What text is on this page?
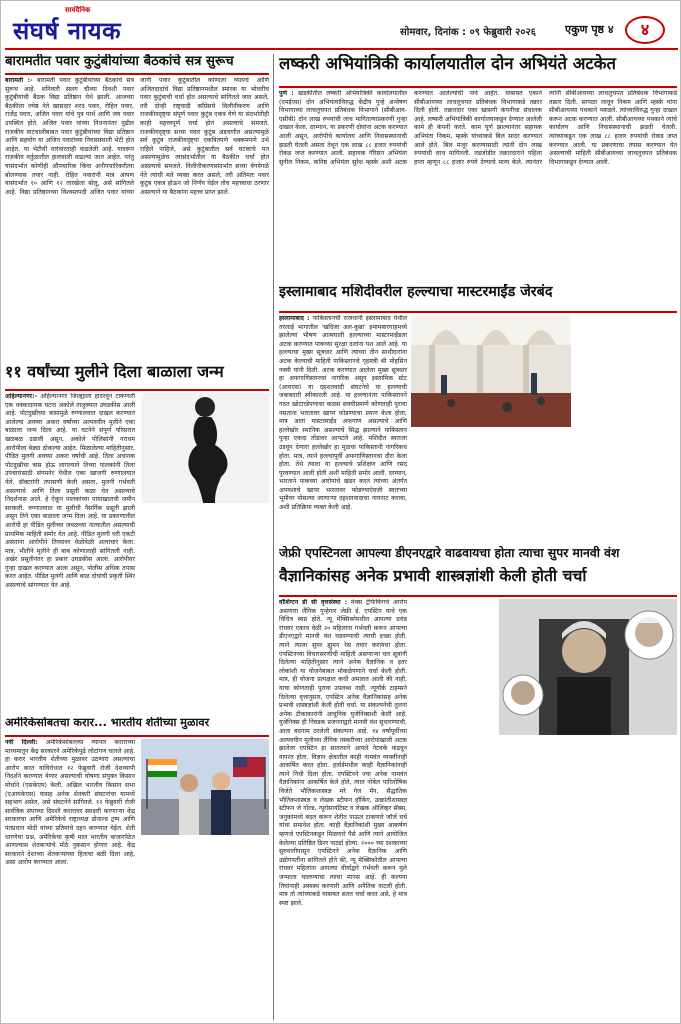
सायंदैनिक
संघर्ष नायक	सोमवार, दिनांक : ०९ फेब्रुवारी २०२६	एकुण पृष्ठ ४	४
बारामतीत पवार कुटुंबीयांच्या बैठकांचे सत्र सुरूच
बारामती :- बारामती पवार कुटुंबीयांच्या बैठकांचे सत्र सुरूच आहे. शनिवारी सलग चौथ्या दिवशी पवार कुटुंबीयांची बैठक विद्या प्रतिष्ठान येथे झाली. आजच्या बैठकीला ज्येष्ठ नेते खासदार शरद पवार, रोहित पवार, राजेंद्र पवार, अजित पवार यांचे पुत्र पार्थ आणि जय पवार उपस्थित होते. अजित पवार यांच्या निधनानंतर पुढील राजकीय वाटचालीबाबत पवार कुटुंबीयांच्या विद्या प्रतिष्ठान आणि सहयोग या अजित पवारांच्या निवासस्थानी भेटी होत आहेत. या भेटीची वारंवारताही वाढलेली आहे. यावरून राजकीय वर्तुळातील हालचाली वाढल्या जात आहेत. परंतु यासंदर्भात कोणीही औपचारिक किंवा अनौपचारिकरीत्या बोलण्यास तयार नाही. रोहित पवारांनी मात्र आपण यासंदर्भात १० आणि १२ तारखेला बोलू, असे सांगितले आहे. विद्या प्रतिष्ठानच्या विश्वस्तपदी अजित पवार यांच्या जागी पवार कुटुंबातील कोणाला घ्यायचे आणि अजितदादांचे विद्या प्रतिष्ठानमधील स्मारक या भोवतीच पवार कुटुंबाची चर्चा होत असल्याचे सांगितले जात असले, तरी दोन्ही राष्ट्रवादी काँग्रेसचे विलीनीकरण आणि राजकीयदृष्ट्या संपूर्ण पवार कुटुंब एकत्र येणे या संदर्भातीही काही महत्त्वपूर्ण चर्चा होत असल्याचे समजते. राजकीयदृष्ट्या सध्या पवार कुटुंब अडचणीत असल्यामुळे सर्व कुटुंब राजकीयदृष्ट्या एकत्रितपणे भक्कमपणे उभे राहिले पाहिजे, असे कुटुंबातील सर्व घटकांचे मत असल्यामुळेच त्यासंदर्भातील या बैठकीत चर्चा होत असल्याचे समजते. विलीनीकरणासंदर्भात सध्या वेगवेगळे नेते त्यांची मते व्यक्त करत असले, तरी अतिमतः पवार कुटुंब एकत्र होऊन जो निर्णय घेईल तोच महत्त्वाचा ठरणार असल्याने या बैठकांना महत्त्व प्राप्त झाले.
११ वर्षांच्या मुलीने दिला बाळाला जन्म
अहिल्यानगर:- अहिल्यानगर जिल्ह्याला हादरवून टाकणारी एक धक्कादायक घटना अकोले तालुक्यात उघडकीस आली आहे. पोटदुखीच्या त्रासामुळे रुग्णालयात दाखल करण्यात आलेल्या अवघ्या अकरा वर्षांच्या अल्पवयीन मुलीने एका बाळाला जन्म दिला आहे. या घटनेने संपूर्ण परिसरात खळबळ उडाली असून, अकोले पोलिसांनी नराधम आरोपीला बेड्या ठोकल्या आहेत. मिळालेल्या माहितीनुसार, पीडित मुलगी अवघ्या अकरा वर्षांची आहे. तिला अचानक पोटदुखीचा त्रास होऊ लागल्याने तिच्या पालकांनी तिला उपचारासाठी संगमनेर येथील एका खाजगी रुग्णालयात नेले. डॉक्टरांनी तपासणी केली असता, मुलगी गर्भवती असल्याचे आणि तिला प्रसूती कळा येत असल्याचे निदर्शनास आले. हे ऐकून पालकांच्या पायाखालची जमीन सरकली. रुग्णालयात या मुलीची नैसर्गिक प्रसूती झाली असून तिने एका बाळाला जन्म दिला आहे. या प्रकरणातील आरोपी हा पीडित मुलीच्या जवळच्या नात्यातील असल्याची प्राथमिक माहिती समोर येत आहे. पीडित मुलगी घरी एकटी असताना आरोपीने तिच्यावर वेळोवेळी अत्याचार केला. मात्र, भीतीने मुलीने ही बाब कोणालाही सांगितली नाही. अखेर प्रसूतीनंतर हा प्रकार उघडकीस आला. आरोपीवर गुन्हा दाखल करण्यात आला असून, पोलीस अधिक तपास करत आहेत. पीडित मुलगी आणि बाळ दोघांची प्रकृती स्थिर असल्याचे सांगण्यात येत आहे.
अमेरिकेसोबतचा करार... भारतीय शेतीच्या मुळावर
नवी दिल्ली: अमेरिकेसोबतच्या व्यापार कराराच्या माध्यमातून केंद्र सरकारने अमेरिकेपुढे लोटांगण घातले आहे. हा करार भारतीय शेतीच्या मुळावर उठणारा असल्याचा आरोप करत याविरोधात १२ फेब्रुवारी रोजी देशव्यापी निदर्शने करण्यात येणार असल्याची घोषणा संयुक्त किसान मोर्चाने (एसकेएम) केली. अखिल भारतीय किसान सभा (एआयकेएस) यासह अनेक शेतकरी संघटनांचा यामध्ये सहभाग असेल, असे संघटनेने सांगितले. १२ फेब्रुवारी रोजी सार्वत्रिक संपाच्या दिवशी करारावर स्वाक्षरी करणाऱ्या केंद्र सरकारचा आणि अमेरिकेचे राष्ट्राध्यक्ष डोनाल्ड ट्रम्प आणि पंतप्रधान मोदी यांच्या प्रतिमांचे दहन करण्यात येईल. शेती धारणेचा प्रश्न, अमेरिकेचा कृषी माल भारतीय बाजारपेठेत आणल्यास शेतकऱ्यांचे मोठे नुकसान होणार आहे. केंद्र सरकारने देशाच्या शेतकऱ्यांच्या हिताचा बळी दिला आहे, असा आरोप करण्यात आला.
लष्करी अभियांत्रिकी कार्यालयातील दोन अभियंते अटकेत
पुणे : खडकीतील लष्करी अभियांत्रिकी कार्यालयातील (एमईएस) दोन अभियंत्यांविरुद्ध केंद्रीय गुन्हे अन्वेषण विभागाच्या लाचलुचपत प्रतिबंधक विभागाने (सीबीआय-एसीबी) दोन लाख रुपयांची लाच मागितल्याप्रकरणी गुन्हा दाखल केला. दरम्यान, या प्रकरणी दोघांना अटक करण्यात आली असून, आरोपीचे कार्यालय आणि निवासस्थानाची झडती घेतली असता तेथून एक लाख ८८ हजार रुपयांची रोकड जप्त करण्यात आली. सहायक गॅरिसन अभियंता सुनील निकम, कनिष्ठ अभियंता सुरेश म्हस्के अशी अटक करण्यात आलेल्यांची नावे आहेत. याबाबत एकाने सीबीआयच्या लाचलुचपत प्रतिबंधक विभागाकडे तक्रार दिली होती. तक्रारदार एका खासगी कंपनीचा संचालक आहे. लष्करी अभियांत्रिकी कार्यालयाकडून देण्यात आलेली कामे ही कंपनी करते. काम पूर्ण झाल्यानंतर सहायक अभियंता निकम, म्हस्के यांच्याकडे बिल सादर करण्यात आले होते. बिल मंजूर करण्यासाठी त्यांनी दोन लाख रुपयांची लाच मागितली. तडजोडीत तक्रारदाराने पहिला हप्ता म्हणून ८८ हजार रुपये देण्याचे मान्य केले. त्यानंतर त्यांनी सीबीआयच्या लाचलुचपत प्रतिबंधक विभागाकडे तक्रार दिली. सापळा लावून निकम आणि म्हस्के यांना सीबीआयच्या पथकाने पकडले. त्यांच्याविरुद्ध गुन्हा दाखल करून अटक करण्यात आली. सीबीआयच्या पथकाने त्यांचे कार्यालय आणि निवासस्थानाची झडती घेतली. त्यांच्याकडून एक लाख ८८ हजार रुपयांची रोकड जप्त करण्यात आली. या प्रकरणाचा तपास करण्यात येत असल्याची माहिती सीबीआयच्या लाचलुचपत प्रतिबंधक विभागाकडून देण्यात आली.
इस्लामाबाद मशिदीवरील हल्ल्याचा मास्टरमाईंड जेरबंद
इस्लामाबाद : पाकिस्तानची राजधानी इस्लामाबाद येथील तरलाई भागातील 'खदिजा अल-कुब्रा' इमामबारगाहमध्ये झालेल्या भीषण आत्मघाती हल्ल्याच्या मास्टरमाईंडला अटक करण्यात पाकच्या सुरक्षा दलांना यश आले आहे. या हल्ल्याचा मुख्य सूत्रधार आणि त्याच्या तीन साथीदारांना अटक केल्याची माहिती पाकिस्तानचे गृहमंत्री श्री मोहसिन नक्वी यांनी दिली. अटक करण्यात आलेला मुख्य सूत्रधार हा अफगाणिस्तानचा नागरिक असून इस्लामिक स्टेट (आयएस) या दहशतवादी संघटनेचे या हल्ल्याची जबाबदारी स्वीकारली आहे. या हल्ल्यानंतर पाकिस्तानने गठत खोटारडेपणाचा कळस सवयीप्रमाणे कोणताही पुरावा नसताना भारतावर खापर फोडण्याचा प्रयत्न केला होता; मात्र आता मास्टरमाईंड अफगाण असल्याचे आणि हल्लेखोर स्थानिक असल्याचे सिद्ध झाल्याने पाकिस्तान पुन्हा एकदा तोंडावर आपटले आहे. मशिदीत स्वतःला उडवून देणारा हल्लेखोर हा मूळचा पाकिस्तानी नागरिकच होता. मात्र, त्याने हल्ल्यापूर्वी अफगाणिस्तानचा दौरा केला होता. तेथे त्याला या हल्ल्याचे प्रशिक्षण आणि रसद पुरवण्यात आली होती अशी माहिती समोर आली. दरम्यान, भारताने पाकच्या आरोपांचे खंडन करत त्यांच्या अंतर्गत अपयशाचे खापर भारतावर फोडण्याऐवजी स्वतःच्या भूमीवर पोसल्या जाणाऱ्या दहशतवादाचा नायनाट करावा, अशी प्रतिक्रिया व्यक्त केली आहे.
जेफ्री एपस्टिनला आपल्या डीएनएद्वारे वाढवायचा होता त्याचा सुपर मानवी वंश
वैज्ञानिकांसह अनेक प्रभावी शास्त्रज्ञांशी केली होती चर्चा
वॉशिंग्टन डी सी वृत्तसंस्था : मेक्स ट्रेफिकिंगचे आरोप असणारा लैंगिक गुन्हेगार जेफ्री ई. एपस्टिन याचे एक विचित्र स्वप्न होते. न्यू मेक्सिकोमधील आपल्या प्रचंड रांचवर एकाच वेळी २० महिलांना गर्भवती करून आपल्या डीएनएद्वारे मानवी वंश घडवण्याची त्याची इच्छा होती. त्याने त्याला सुपर ह्युमन रेस तयार करायचा होता. एपस्टिनच्या विचारसरणीची माहिती असणाऱ्या चार सूत्रांनी दिलेल्या माहितीनुसार त्याने अनेक वैज्ञानिक व इतर लोकांशी या योजनेबाबत मोकळेपणाने चर्चा केली होती. मात्र, ही योजना प्रत्यक्षात कधी अमलात आली की नाही, याचा कोणताही पुरावा उपलब्ध नाही. न्यूयॉर्क टाइम्सने दिलेल्या वृत्तानुसार, एपस्टिन अनेक वैज्ञानिकांसह अनेक प्रभावी शास्त्रज्ञांशी केली होती चर्चा. या संकल्पनेची तुलना अनेक टीकाकारांनी आधुनिक युजेनिक्सशी केली आहे. युजेनिक्स ही निवडक प्रजननाद्वारे मानवी वंश सुधारण्याची, आता बदनाम ठरलेली संकल्पना आहे. १४ वर्षांपूर्वीच्या अल्पवयीन मुलीच्या लैंगिक तस्करीच्या आरोपांखाली अटक झालेला एपस्टिन हा सातत्याने आपले नेटवर्क वाढवून वापरत होता. विज्ञान क्षेत्रातील काही नामवंत व्यक्तींनाही आकर्षित करत होता. हार्वर्डमधील काही वैज्ञानिकांनाही त्याने निधी दिला होता. एपस्टिनने ज्या अनेक नामवंत वैज्ञानिकांना आकर्षित केले होते, त्यात नोबेल पारितोषिक विजेते भौतिकशास्त्रज्ञ मरे गेल मॅन, सैद्धांतिक भौतिकशास्त्रज्ञ व लेखक स्टीफन हॉकिंग, उत्क्रांतीशास्त्रज्ञ स्टीफन जे गोल्ड, न्यूरोसायंटिस्ट व लेखक ऑलिव्हर सॅक्स, जनुकांमध्ये बदल करून शेतीत पाऊल टाकणारे जॉर्ज चर्च यांचा समावेश होता. काही वैज्ञानिकांशी मुख्य आकर्षण म्हणजे एपस्टिनकडून मिळणारे पैसे आणि त्याने आयोजित केलेल्या प्रतिष्ठित डिनर पार्ट्या होत्या. २००० च्या दशकाच्या सुरुवातीपासून एपस्टिनने अनेक वैज्ञानिक आणि उद्योगपतींना सांगितले होते की, न्यू मेक्सिकोतील आपल्या रांचवर महिलांना आपल्या वीर्याद्वारे गर्भवती करून मुले जन्माला घालण्याचा त्याचा मानस आहे. ही कल्पना तिघांनाही अस्वस्थ करणारी आणि अनैतिक वाटली होती. मात्र तो त्यांच्याकडे याबाबत सतत चर्चा करत असे, हे मात्र स्पष्ट झाले.
